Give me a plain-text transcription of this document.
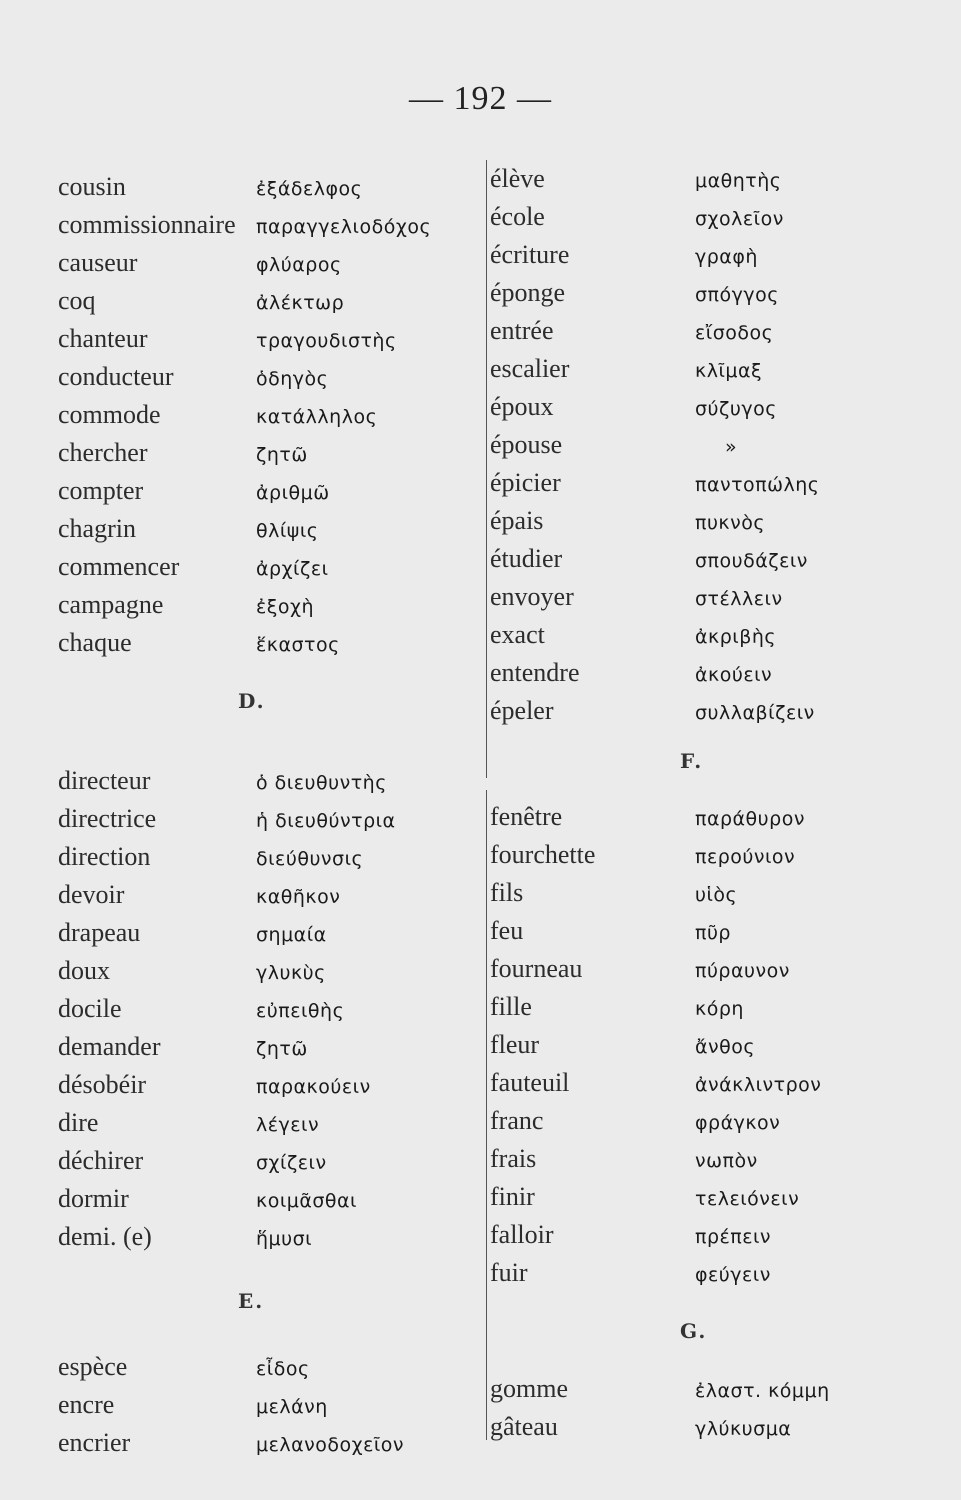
— 192 —
cousin	ἐξάδελφος
commissionnaire	παραγγελιοδόχος
causeur	φλύαρος
coq	ἀλέκτωρ
chanteur	τραγουδιστὴς
conducteur	ὁδηγὸς
commode	κατάλληλος
chercher	ζητῶ
compter	ἀριθμῶ
chagrin	θλίψις
commencer	ἀρχίζει
campagne	ἐξοχὴ
chaque	ἕκαστος
D.
directeur	ὁ διευθυντὴς
directrice	ἡ διευθύντρια
direction	διεύθυνσις
devoir	καθῆκον
drapeau	σημαία
doux	γλυκὺς
docile	εὐπειθὴς
demander	ζητῶ
désobéir	παρακούειν
dire	λέγειν
déchirer	σχίζειν
dormir	κοιμᾶσθαι
demi. (e)	ἥμυσι
E.
espèce	εἶδος
encre	μελάνη
encrier	μελανοδοχεῖον
élève	μαθητὴς
école	σχολεῖον
écriture	γραφὴ
éponge	σπόγγος
entrée	εἴσοδος
escalier	κλῖμαξ
époux	σύζυγος
épouse	»
épicier	παντοπώλης
épais	πυκνὸς
étudier	σπουδάζειν
envoyer	στέλλειν
exact	ἀκριβὴς
entendre	ἀκούειν
épeler	συλλαβίζειν
F.
fenêtre	παράθυρον
fourchette	περούνιον
fils	υἱὸς
feu	πῦρ
fourneau	πύραυνον
fille	κόρη
fleur	ἄνθος
fauteuil	ἀνάκλιντρον
franc	φράγκον
frais	νωπὸν
finir	τελειόνειν
falloir	πρέπειν
fuir	φεύγειν
G.
gomme	ἐλαστ. κόμμη
gâteau	γλύκυσμα
